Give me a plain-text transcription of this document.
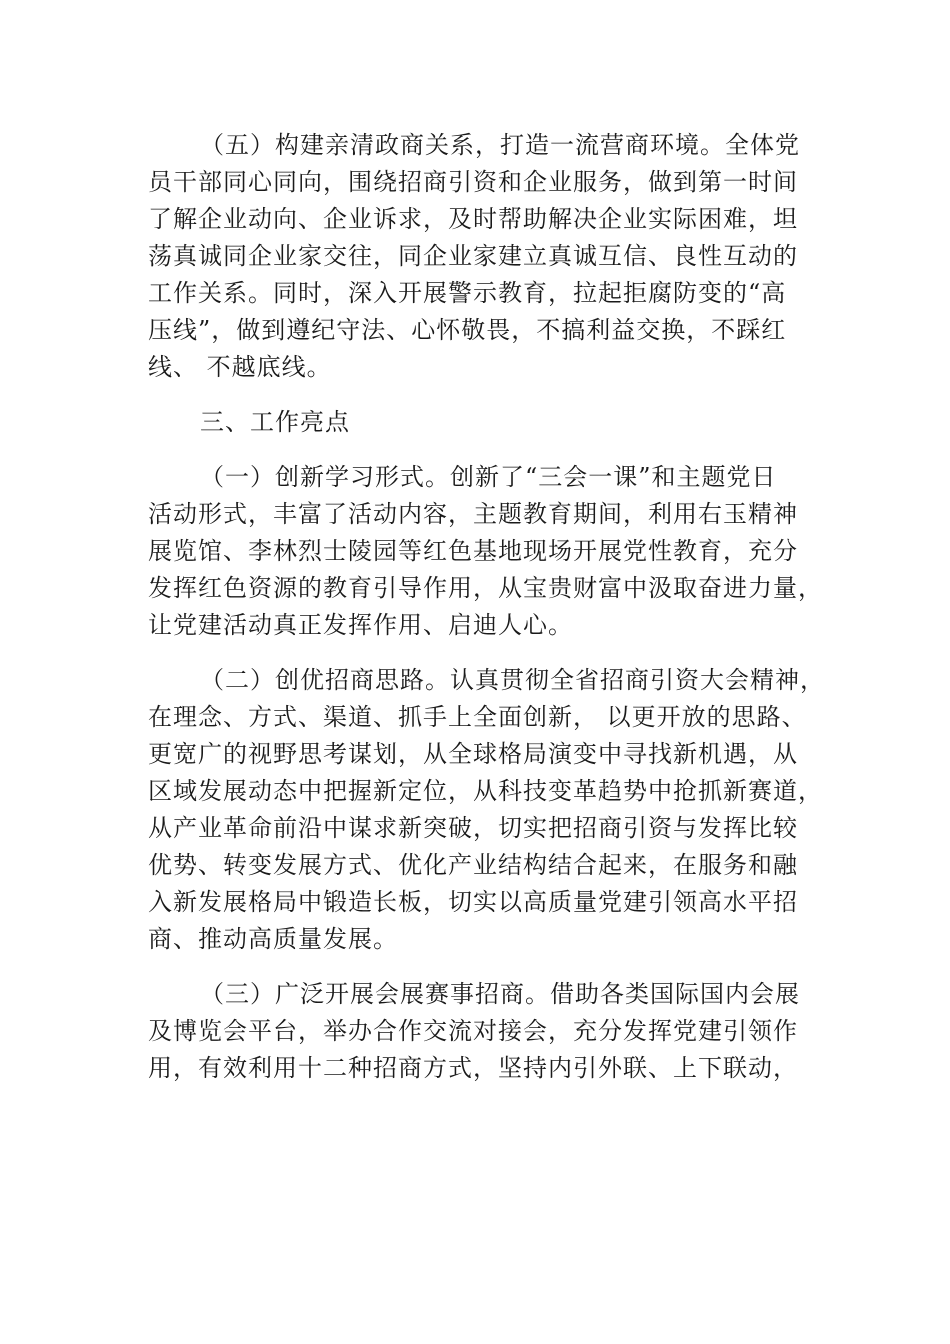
（五）构建亲清政商关系，打造一流营商环境。全体党
员干部同心同向，围绕招商引资和企业服务，做到第一时间
了解企业动向、企业诉求，及时帮助解决企业实际困难，坦
荡真诚同企业家交往，同企业家建立真诚互信、良性互动的
工作关系。同时，深入开展警示教育，拉起拒腐防变的“高
压线”，做到遵纪守法、心怀敬畏，不搞利益交换，不踩红
线、 不越底线。
三、工作亮点
（一）创新学习形式。创新了“三会一课”和主题党日
活动形式，丰富了活动内容，主题教育期间，利用右玉精神
展览馆、李林烈士陵园等红色基地现场开展党性教育，充分
发挥红色资源的教育引导作用，从宝贵财富中汲取奋进力量，
让党建活动真正发挥作用、启迪人心。
（二）创优招商思路。认真贯彻全省招商引资大会精神，
在理念、方式、渠道、抓手上全面创新， 以更开放的思路、
更宽广的视野思考谋划，从全球格局演变中寻找新机遇，从
区域发展动态中把握新定位，从科技变革趋势中抢抓新赛道，
从产业革命前沿中谋求新突破，切实把招商引资与发挥比较
优势、转变发展方式、优化产业结构结合起来，在服务和融
入新发展格局中锻造长板，切实以高质量党建引领高水平招
商、推动高质量发展。
（三）广泛开展会展赛事招商。借助各类国际国内会展
及博览会平台，举办合作交流对接会，充分发挥党建引领作
用，有效利用十二种招商方式，坚持内引外联、上下联动，
